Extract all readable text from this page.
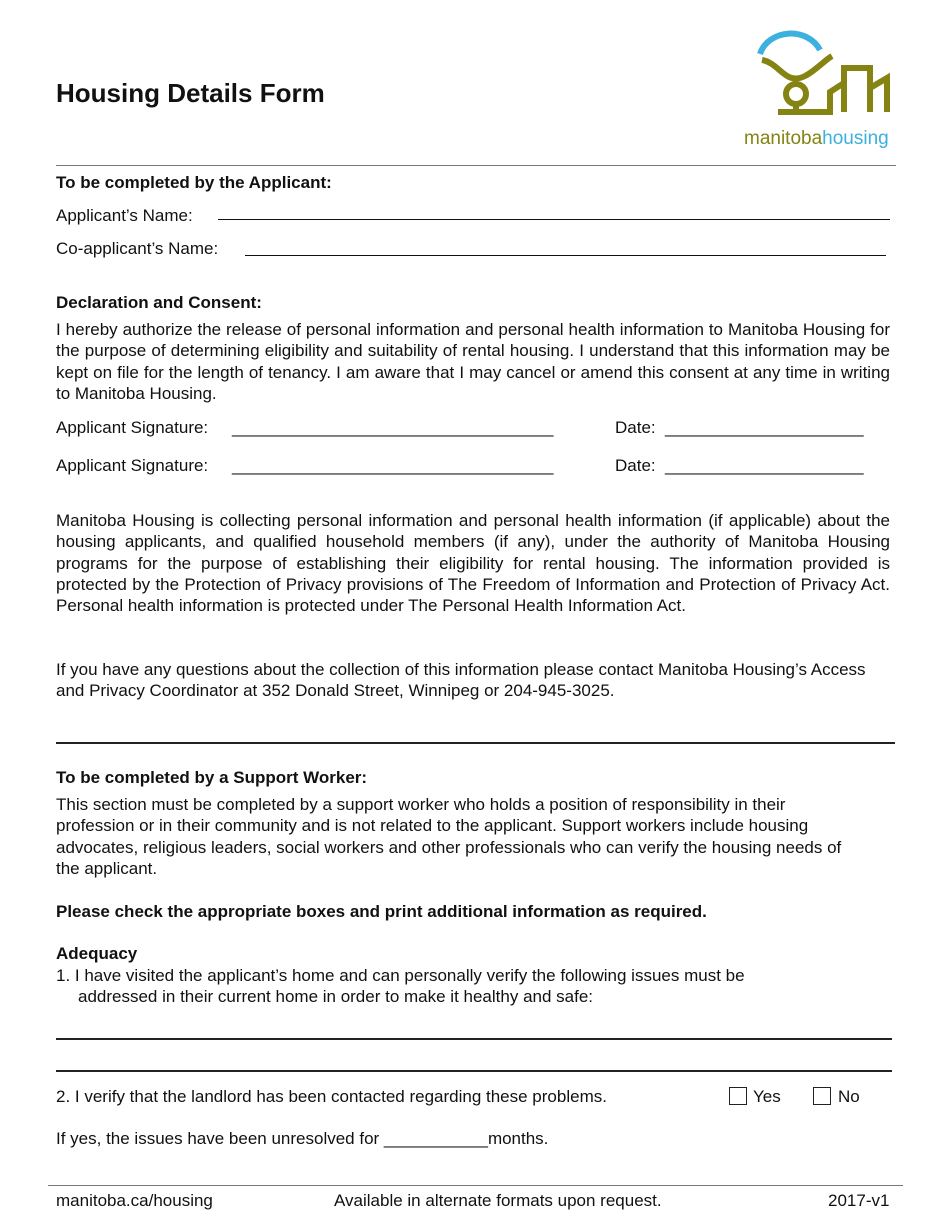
Housing Details Form
manitobahousing
To be completed by the Applicant:
Applicant’s Name:
Co-applicant’s Name:
Declaration and Consent:
I hereby authorize the release of personal information and personal health information to Manitoba Housing for the purpose of determining eligibility and suitability of rental housing. I understand that this information may be kept on file for the length of tenancy. I am aware that I may cancel or amend this consent at any time in writing to Manitoba Housing.
Applicant Signature: __________________________________	Date: _____________________
Applicant Signature: __________________________________	Date: _____________________
Manitoba Housing is collecting personal information and personal health information (if applicable) about the housing applicants, and qualified household members (if any), under the authority of Manitoba Housing programs for the purpose of establishing their eligibility for rental housing. The information provided is protected by the Protection of Privacy provisions of The Freedom of Information and Protection of Privacy Act. Personal health information is protected under The Personal Health Information Act.
If you have any questions about the collection of this information please contact Manitoba Housing’s Access and Privacy Coordinator at 352 Donald Street, Winnipeg or 204-945-3025.
To be completed by a Support Worker:
This section must be completed by a support worker who holds a position of responsibility in their profession or in their community and is not related to the applicant. Support workers include housing advocates, religious leaders, social workers and other professionals who can verify the housing needs of the applicant.
Please check the appropriate boxes and print additional information as required.
Adequacy
1. I have visited the applicant’s home and can personally verify the following issues must be
addressed in their current home in order to make it healthy and safe:
2. I verify that the landlord has been contacted regarding these problems.	Yes	No
If yes, the issues have been unresolved for ___________months.
manitoba.ca/housing	Available in alternate formats upon request.	2017-v1
